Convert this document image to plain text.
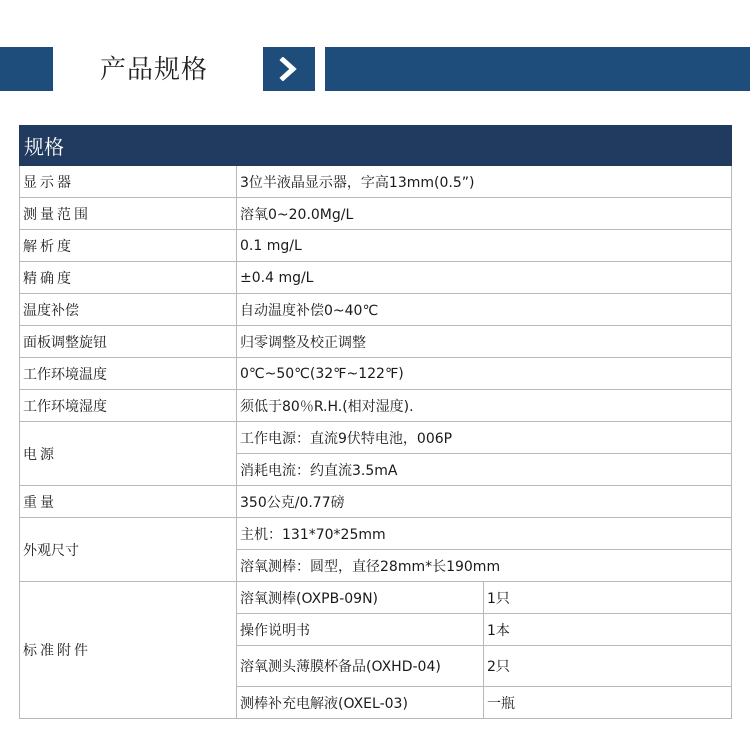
产品规格
规格		
显示器	3位半液晶显示器，字高13mm(0.5”)	
测量范围	溶氧0~20.0Mg/L	
解析度	0.1 mg/L	
精确度	±0.4 mg/L	
温度补偿	自动温度补偿0~40℃	
面板调整旋钮	归零调整及校正调整	
工作环境温度	0℃~50℃(32℉~122℉)	
工作环境湿度	须低于80％R.H.(相对湿度).	
电源	工作电源：直流9伏特电池，006P	
	消耗电流：约直流3.5mA	
重量	350公克/0.77磅	
外观尺寸	主机：131*70*25mm	
	溶氧测棒：圆型，直径28mm*长190mm	
标准附件	溶氧测棒(OXPB-09N)	1只
	操作说明书	1本
	溶氧测头薄膜杯备品(OXHD-04)	2只
	测棒补充电解液(OXEL-03)	一瓶
